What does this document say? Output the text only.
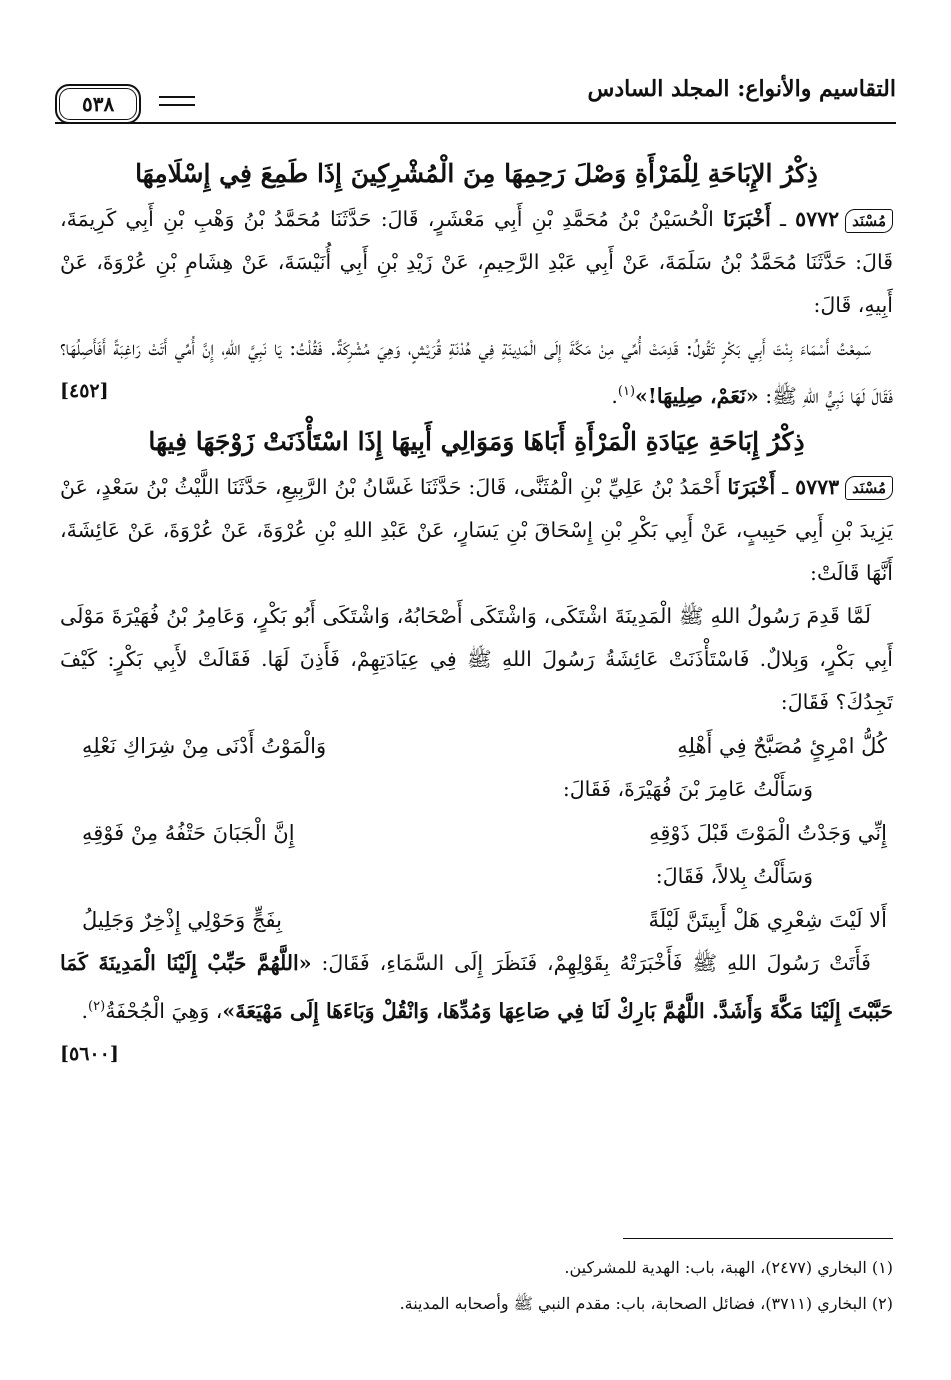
التقاسيم والأنواع: المجلد السادس
٥٣٨
ذِكْرُ الإِبَاحَةِ لِلْمَرْأَةِ وَصْلَ رَحِمِهَا مِنَ الْمُشْرِكِينَ إِذَا طَمِعَ فِي إِسْلَامِهَا

مُسْنَد٥٧٧٢ ـ أَخْبَرَنَا الْحُسَيْنُ بْنُ مُحَمَّدِ بْنِ أَبِي مَعْشَرٍ، قَالَ: حَدَّثَنَا مُحَمَّدُ بْنُ وَهْبِ بْنِ أَبِي كَرِيمَةَ، قَالَ: حَدَّثَنَا مُحَمَّدُ بْنُ سَلَمَةَ، عَنْ أَبِي عَبْدِ الرَّحِيمِ، عَنْ زَيْدِ بْنِ أَبِي أُنَيْسَةَ، عَنْ هِشَامِ بْنِ عُرْوَةَ، عَنْ أَبِيهِ، قَالَ:

سَمِعْتُ أَسْمَاءَ بِنْتَ أَبِي بَكْرٍ تَقُولُ: قَدِمَتْ أُمِّي مِنْ مَكَّةَ إِلَى الْمَدِينَةِ فِي هُدْنَةِ قُرَيْشٍ، وَهِيَ مُشْرِكَةٌ. فَقُلْتُ: يَا نَبِيَّ اللهِ، إِنَّ أُمِّي أَتَتْ رَاغِبَةً أَفَأَصِلُهَا؟ فَقَالَ لَهَا نَبِيُّ اللهِ ﷺ: «نَعَمْ، صِلِيهَا!»$^{(١)}$.
[٤٥٢]

ذِكْرُ إِبَاحَةِ عِيَادَةِ الْمَرْأَةِ أَبَاهَا وَمَوَالِي أَبِيهَا إِذَا اسْتَأْذَنَتْ زَوْجَهَا فِيهَا

مُسْنَد٥٧٧٣ ـ أَخْبَرَنَا أَحْمَدُ بْنُ عَلِيِّ بْنِ الْمُثَنَّى، قَالَ: حَدَّثَنَا غَسَّانُ بْنُ الرَّبِيعِ، حَدَّثَنَا اللَّيْثُ بْنُ سَعْدٍ، عَنْ يَزِيدَ بْنِ أَبِي حَبِيبٍ، عَنْ أَبِي بَكْرِ بْنِ إِسْحَاقَ بْنِ يَسَارٍ، عَنْ عَبْدِ اللهِ بْنِ عُرْوَةَ، عَنْ عُرْوَةَ، عَنْ عَائِشَةَ، أَنَّهَا قَالَتْ:

لَمَّا قَدِمَ رَسُولُ اللهِ ﷺ الْمَدِينَةَ اشْتَكَى، وَاشْتَكَى أَصْحَابُهُ، وَاشْتَكَى أَبُو بَكْرٍ، وَعَامِرُ بْنُ فُهَيْرَةَ مَوْلَى أَبِي بَكْرٍ، وَبِلالٌ. فَاسْتَأْذَنَتْ عَائِشَةُ رَسُولَ اللهِ ﷺ فِي عِيَادَتِهِمْ، فَأَذِنَ لَهَا. فَقَالَتْ لأَبِي بَكْرٍ: كَيْفَ تَجِدُكَ؟ فَقَالَ:

كُلُّ امْرِئٍ مُصَبَّحٌ فِي أَهْلِهِ
وَالْمَوْتُ أَدْنَى مِنْ شِرَاكِ نَعْلِهِ

وَسَأَلْتُ عَامِرَ بْنَ فُهَيْرَةَ، فَقَالَ:

إِنِّي وَجَدْتُ الْمَوْتَ قَبْلَ ذَوْقِهِ
إِنَّ الْجَبَانَ حَتْفُهُ مِنْ فَوْقِهِ

وَسَأَلْتُ بِلالاً، فَقَالَ:

أَلا لَيْتَ شِعْرِي هَلْ أَبِيتَنَّ لَيْلَةً
بِفَجٍّ وَحَوْلِي إِذْخِرٌ وَجَلِيلُ

فَأَتَتْ رَسُولَ اللهِ ﷺ فَأَخْبَرَتْهُ بِقَوْلِهِمْ، فَنَظَرَ إِلَى السَّمَاءِ، فَقَالَ: «اللَّهُمَّ حَبِّبْ إِلَيْنَا الْمَدِينَةَ كَمَا حَبَّبْتَ إِلَيْنَا مَكَّةَ وَأَشَدَّ. اللَّهُمَّ بَارِكْ لَنَا فِي صَاعِهَا وَمُدِّهَا، وَانْقُلْ وَبَاءَهَا إِلَى مَهْيَعَةَ»، وَهِيَ الْجُحْفَةُ$^{(٢)}$.
[٥٦٠٠]

(١) البخاري (٢٤٧٧)، الهبة، باب: الهدية للمشركين.

(٢) البخاري (٣٧١١)، فضائل الصحابة، باب: مقدم النبي ﷺ وأصحابه المدينة.
